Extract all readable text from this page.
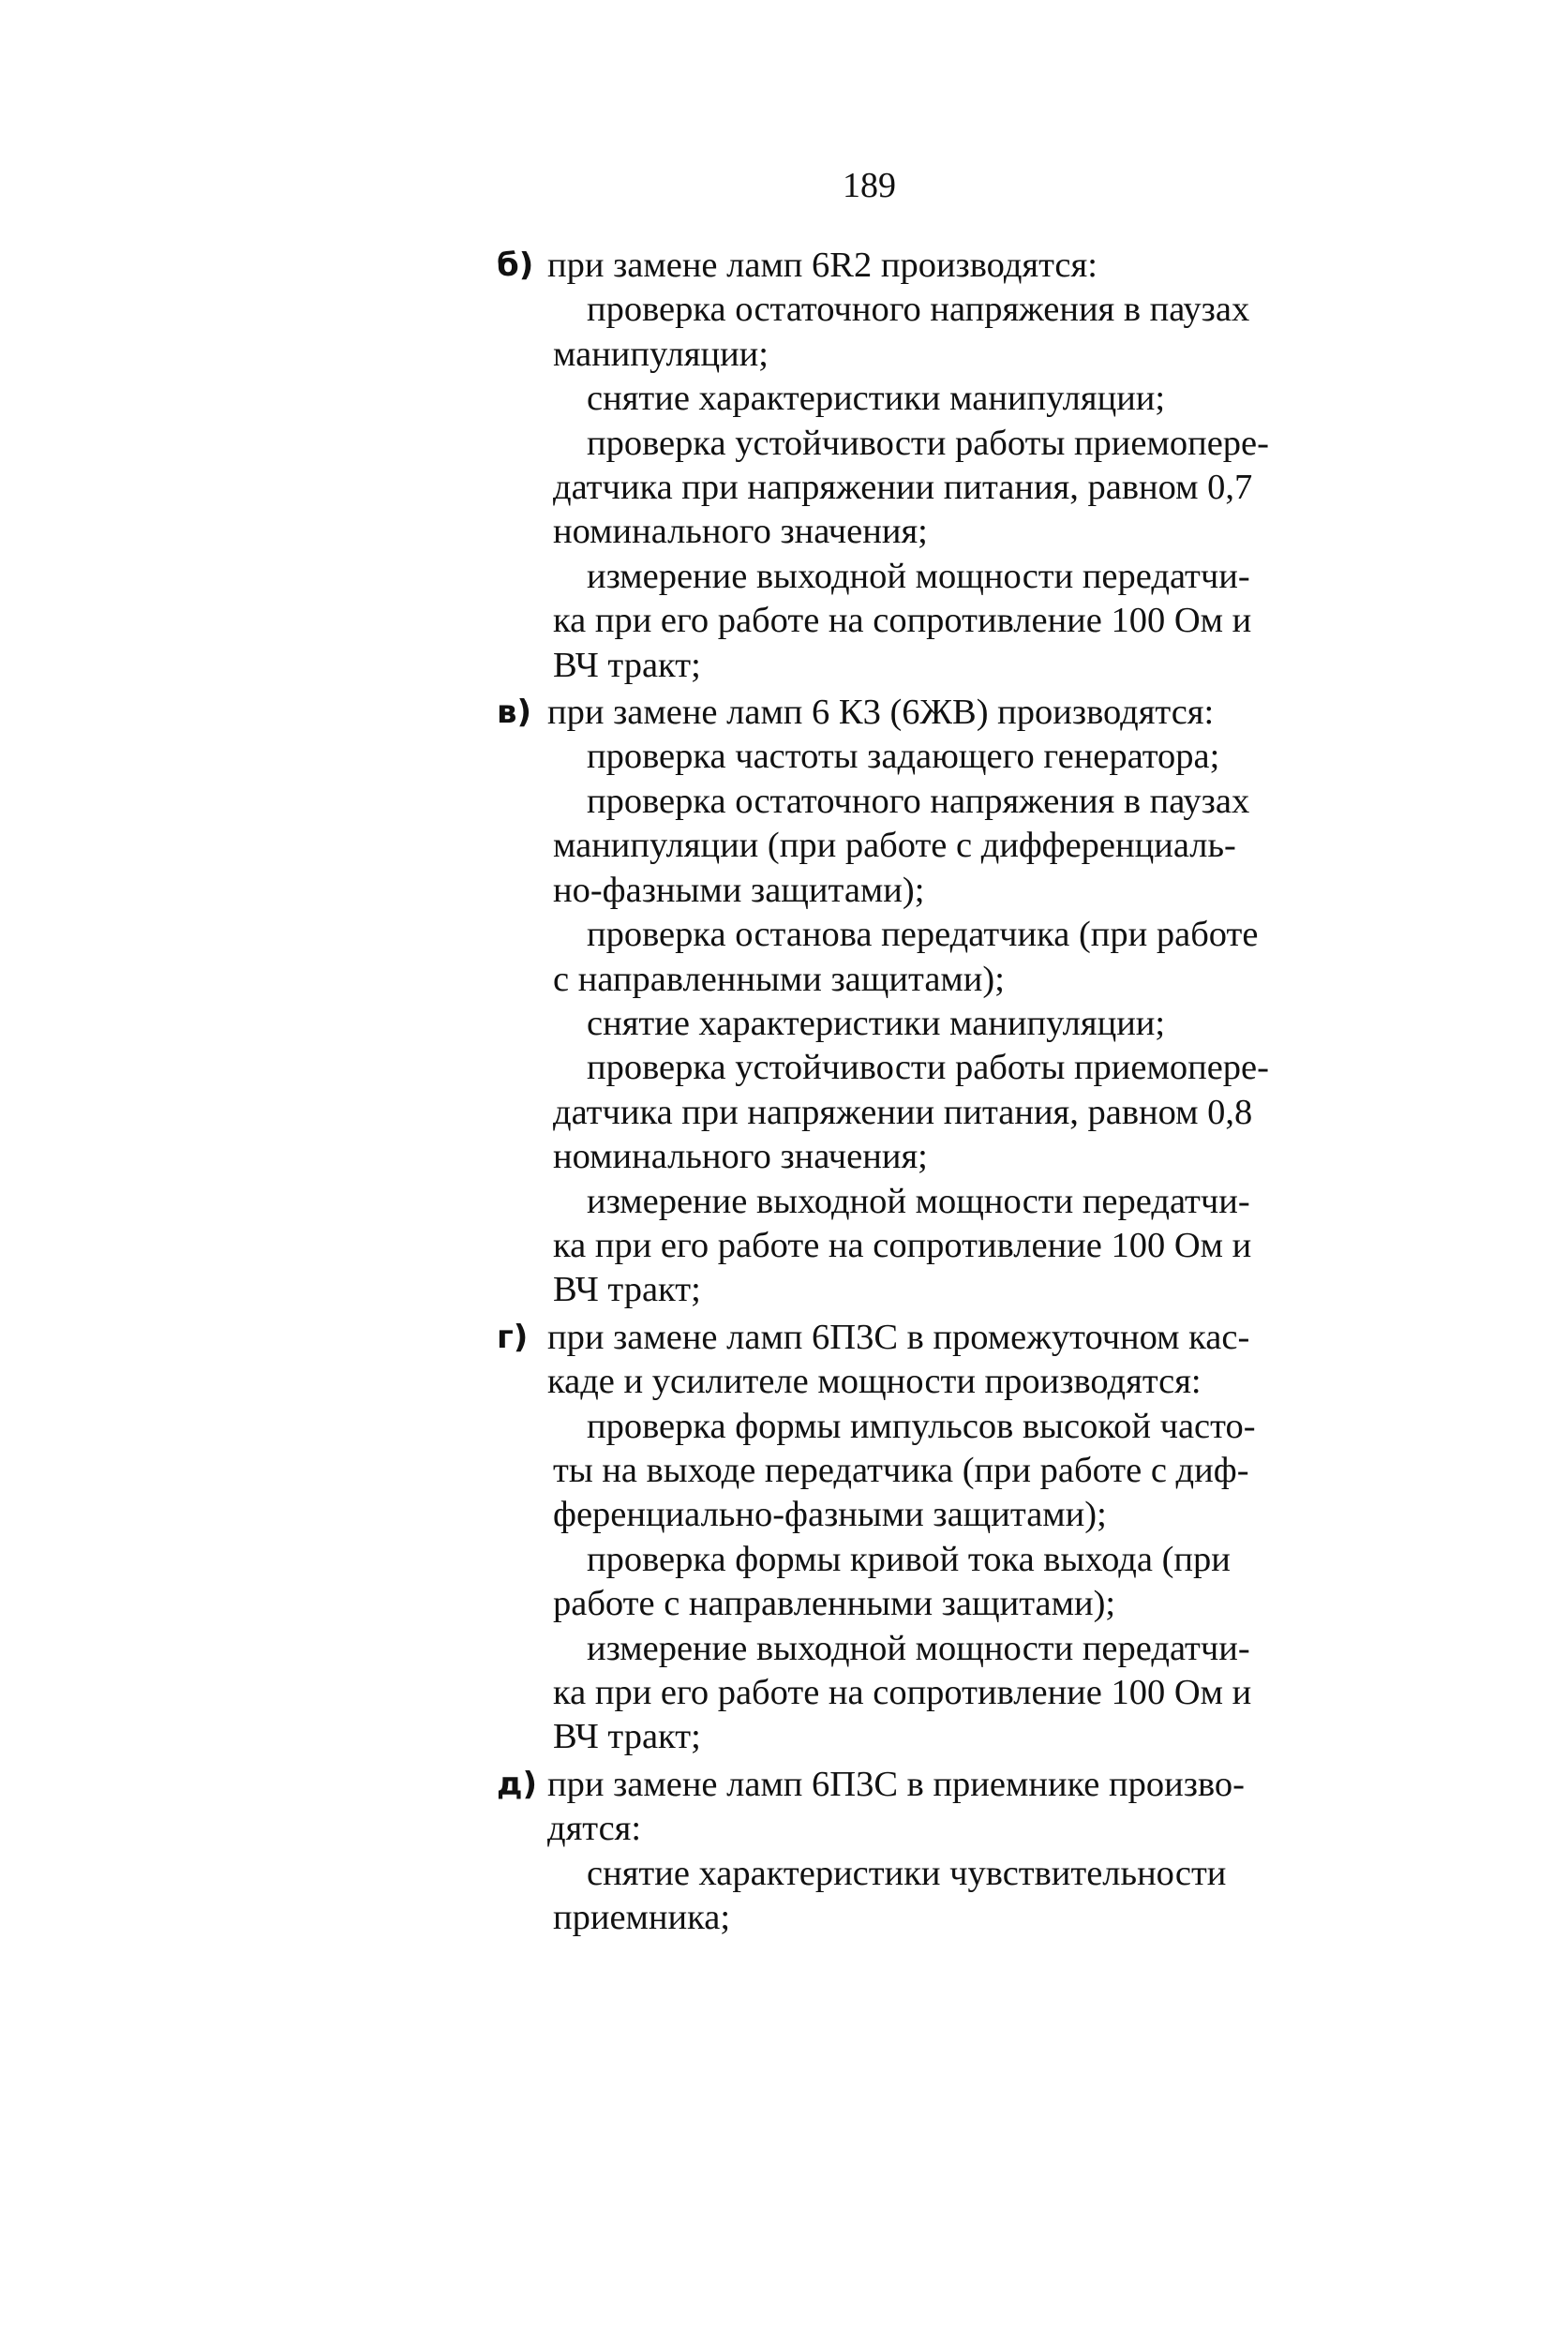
189
б) при замене ламп 6R2 производятся:

проверка остаточного напряжения в паузах
манипуляции;

снятие характеристики манипуляции;

проверка устойчивости работы приемопере-
датчика при напряжении питания, равном 0,7
номинального значения;

измерение выходной мощности передатчи-
ка при его работе на сопротивление 100 Ом и
ВЧ тракт;

в) при замене ламп 6 К3 (6ЖВ) производятся:

проверка частоты задающего генератора;

проверка остаточного напряжения в паузах
манипуляции (при работе с дифференциаль-
но-фазными защитами);

проверка останова передатчика (при работе
с направленными защитами);

снятие характеристики манипуляции;

проверка устойчивости работы приемопере-
датчика при напряжении питания, равном 0,8
номинального значения;

измерение выходной мощности передатчи-
ка при его работе на сопротивление 100 Ом и
ВЧ тракт;

г) при замене ламп 6П3С в промежуточном кас-
каде и усилителе мощности производятся:

проверка формы импульсов высокой часто-
ты на выходе передатчика (при работе с диф-
ференциально-фазными защитами);

проверка формы кривой тока выхода (при
работе с направленными защитами);

измерение выходной мощности передатчи-
ка при его работе на сопротивление 100 Ом и
ВЧ тракт;

д) при замене ламп 6П3С в приемнике произво-
дятся:

снятие характеристики чувствительности
приемника;
